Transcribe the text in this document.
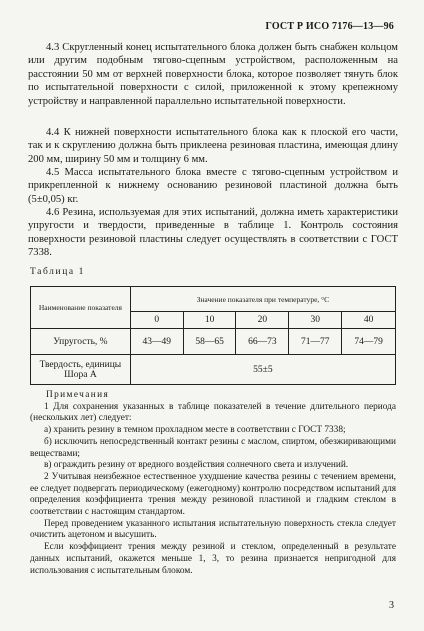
ГОСТ Р ИСО 7176—13—96

4.3 Скругленный конец испытательного блока должен быть снабжен кольцом или другим подобным тягово-сцепным устройством, расположенным на расстоянии 50 мм от верхней поверхности блока, которое позволяет тянуть блок по испытательной поверхности с силой, приложенной к этому крепежному устройству и направленной параллельно испытательной поверхности.

4.4 К нижней поверхности испытательного блока как к плоской его части, так и к скруглению должна быть приклеена резиновая пластина, имеющая длину 200 мм, ширину 50 мм и толщину 6 мм.

4.5 Масса испытательного блока вместе с тягово-сцепным устройством и прикрепленной к нижнему основанию резиновой пластиной должна быть (5±0,05) кг.

4.6 Резина, используемая для этих испытаний, должна иметь характеристики упругости и твердости, приведенные в таблице 1. Контроль состояния поверхности резиновой пластины следует осуществлять в соответствии с ГОСТ 7338.

Таблица 1
Наименование показателя	Значение показателя при температуре, °С				
	0	10	20	30	40
Упругость, %	43—49	58—65	66—73	71—77	74—79
Твердость, единицы Шора А	55±5				

Примечания

1 Для сохранения указанных в таблице показателей в течение длительного периода (нескольких лет) следует:

а) хранить резину в темном прохладном месте в соответствии с ГОСТ 7338;

б) исключить непосредственный контакт резины с маслом, спиртом, обезжиривающими веществами;

в) ограждить резину от вредного воздействия солнечного света и излучений.

2 Учитывая неизбежное естественное ухудшение качества резины с течением времени, ее следует подвергать периодическому (ежегодному) контролю посредством испытаний для определения коэффициента трения между резиновой пластиной и гладким стеклом в соответствии с настоящим стандартом.

Перед проведением указанного испытания испытательную поверхность стекла следует очистить ацетоном и высушить.

Если коэффициент трения между резиной и стеклом, определенный в результате данных испытаний, окажется меньше 1, 3, то резина признается непригодной для использования с испытательным блоком.

3
